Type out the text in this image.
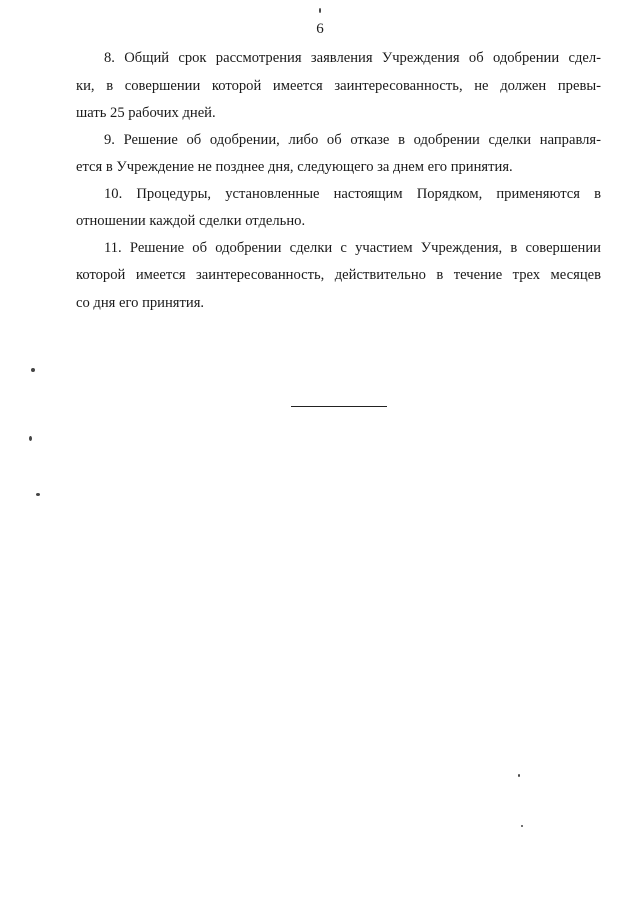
6
8. Общий срок рассмотрения заявления Учреждения об одобрении сдел-
ки, в совершении которой имеется заинтересованность, не должен превы-
шать 25 рабочих дней.
9. Решение об одобрении, либо об отказе в одобрении сделки направля-
ется в Учреждение не позднее дня, следующего за днем его принятия.
10. Процедуры, установленные настоящим Порядком, применяются в
отношении каждой сделки отдельно.
11. Решение об одобрении сделки с участием Учреждения, в совершении
которой имеется заинтересованность, действительно в течение трех месяцев
со дня его принятия.
